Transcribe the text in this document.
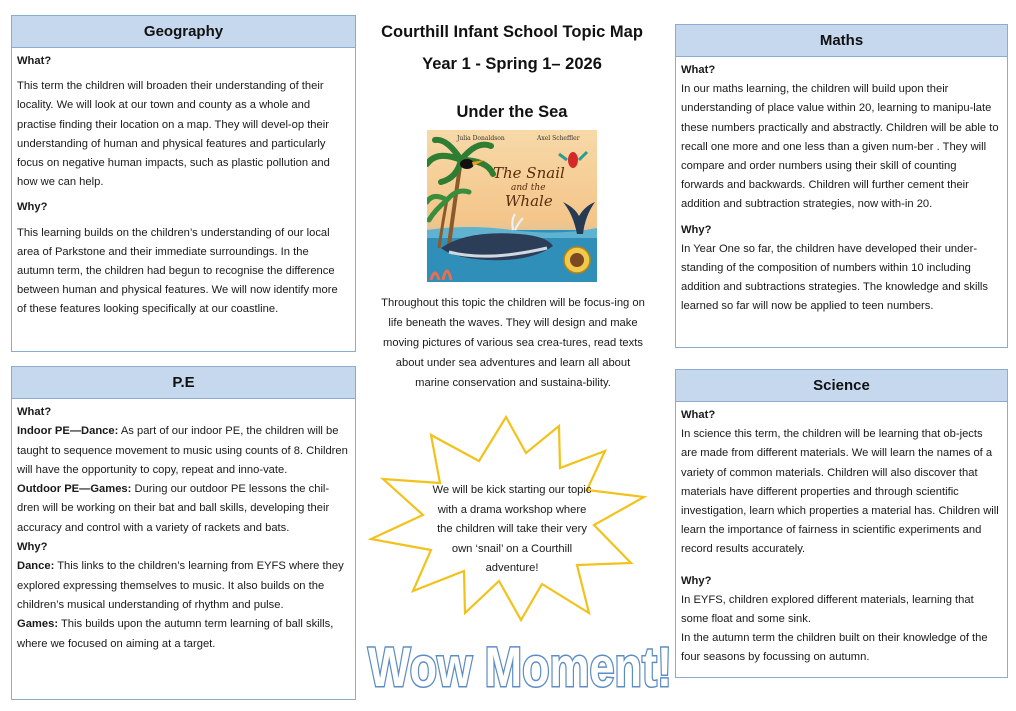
Geography
What?
This term the children will broaden their understanding of their locality. We will look at our town and county as a whole and practise finding their location on a map. They will devel-op their understanding of human and physical features and particularly focus on negative human impacts, such as plastic pollution and how we can help.
Why?
This learning builds on the children’s understanding of our local area of Parkstone and their immediate surroundings. In the autumn term, the children had begun to recognise the difference between human and physical features. We will now identify more of these features looking specifically at our coastline.
P.E
What?
Indoor PE—Dance: As part of our indoor PE, the children will be taught to sequence movement to music using counts of 8. Children will have the opportunity to copy, repeat and inno-vate.
Outdoor PE—Games: During our outdoor PE lessons the chil-dren will be working on their bat and ball skills, developing their accuracy and control with a variety of rackets and bats.
Why?
Dance: This links to the children’s learning from EYFS where they explored expressing themselves to music. It also builds on the children’s musical understanding of rhythm and pulse.
Games: This builds upon the autumn term learning of ball skills, where we focused on aiming at a target.
Maths
What?
In our maths learning, the children will build upon their understanding of place value within 20, learning to manipu-late these numbers practically and abstractly. Children will be able to recall one more and one less than a given num-ber . They will compare and order numbers using their skill of counting forwards and backwards. Children will further cement their addition and subtraction strategies, now with-in 20.
Why?
In Year One so far, the children have developed their under-standing of the composition of numbers within 10 including addition and subtractions strategies. The knowledge and skills learned so far will now be applied to teen numbers.
Science
What?
In science this term, the children will be learning that ob-jects are made from different materials. We will learn the names of a variety of common materials. Children will also discover that materials have different properties and through scientific investigation, learn which properties a material has. Children will learn the importance of fairness in scientific experiments and record results accurately.
Why?
In EYFS, children explored different materials, learning that some float and some sink.
In the autumn term the children built on their knowledge of the four seasons by focussing on autumn.
Courthill Infant School Topic Map
Year 1 - Spring 1– 2026
Under the Sea
Julia Donaldson	Axel Scheffler
The Snail
and the
Whale
Throughout this topic the children will be focus-ing on life beneath the waves. They will design and make moving pictures of various sea crea-tures, read texts about under sea adventures and learn all about marine conservation and sustaina-bility.
We will be kick starting our topic with a drama workshop where the children will take their very own ‘snail’ on a Courthill adventure!
Wow Moment!
